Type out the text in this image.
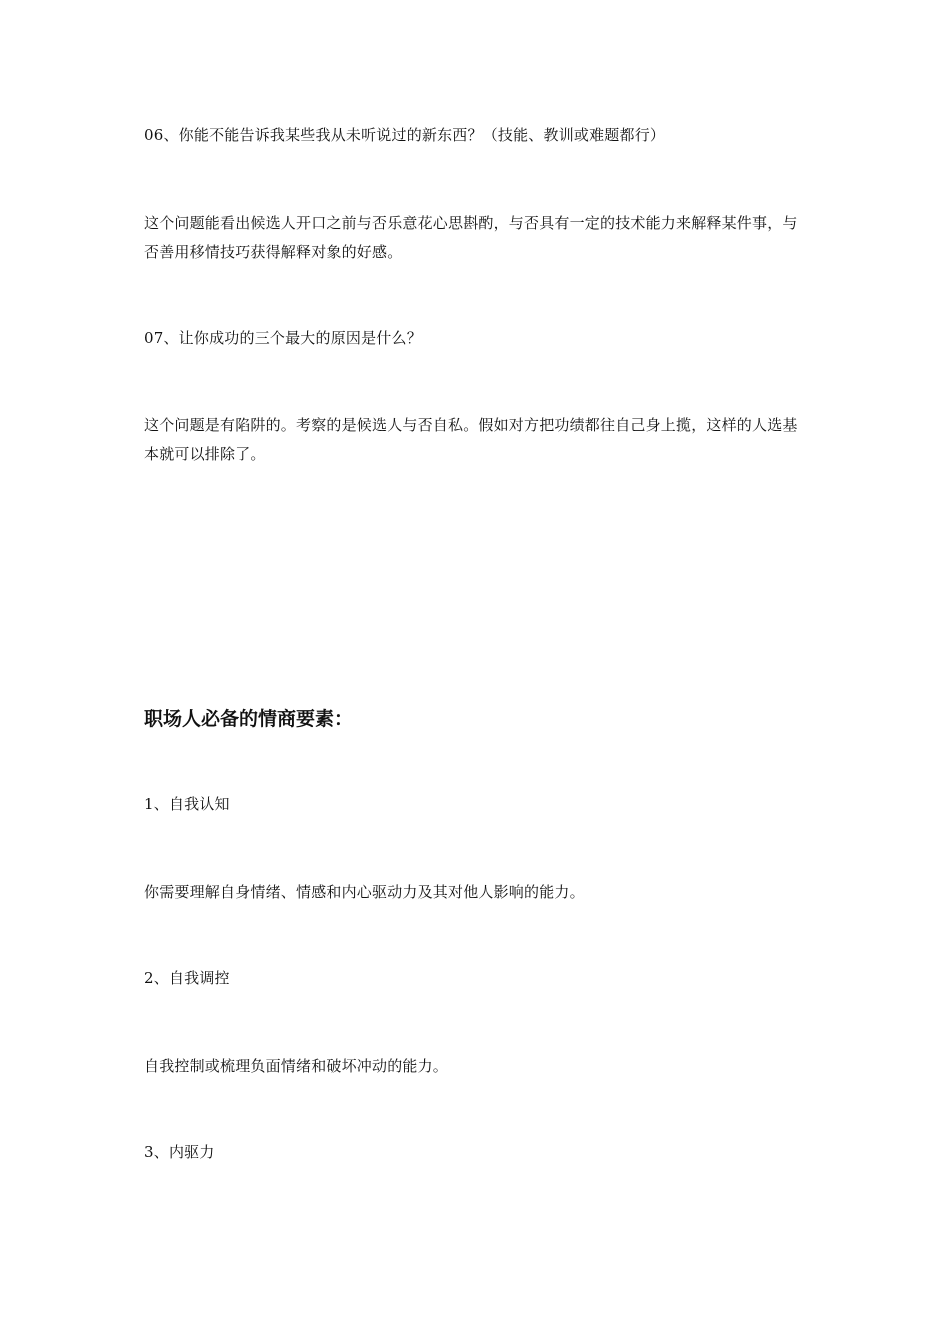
06、你能不能告诉我某些我从未听说过的新东西？（技能、教训或难题都行）

这个问题能看出候选人开口之前与否乐意花心思斟酌，与否具有一定的技术能力来解释某件事，与否善用移情技巧获得解释对象的好感。

07、让你成功的三个最大的原因是什么？

这个问题是有陷阱的。考察的是候选人与否自私。假如对方把功绩都往自己身上揽，这样的人选基本就可以排除了。

职场人必备的情商要素：

1、自我认知

你需要理解自身情绪、情感和内心驱动力及其对他人影响的能力。

2、自我调控

自我控制或梳理负面情绪和破坏冲动的能力。

3、内驱力
